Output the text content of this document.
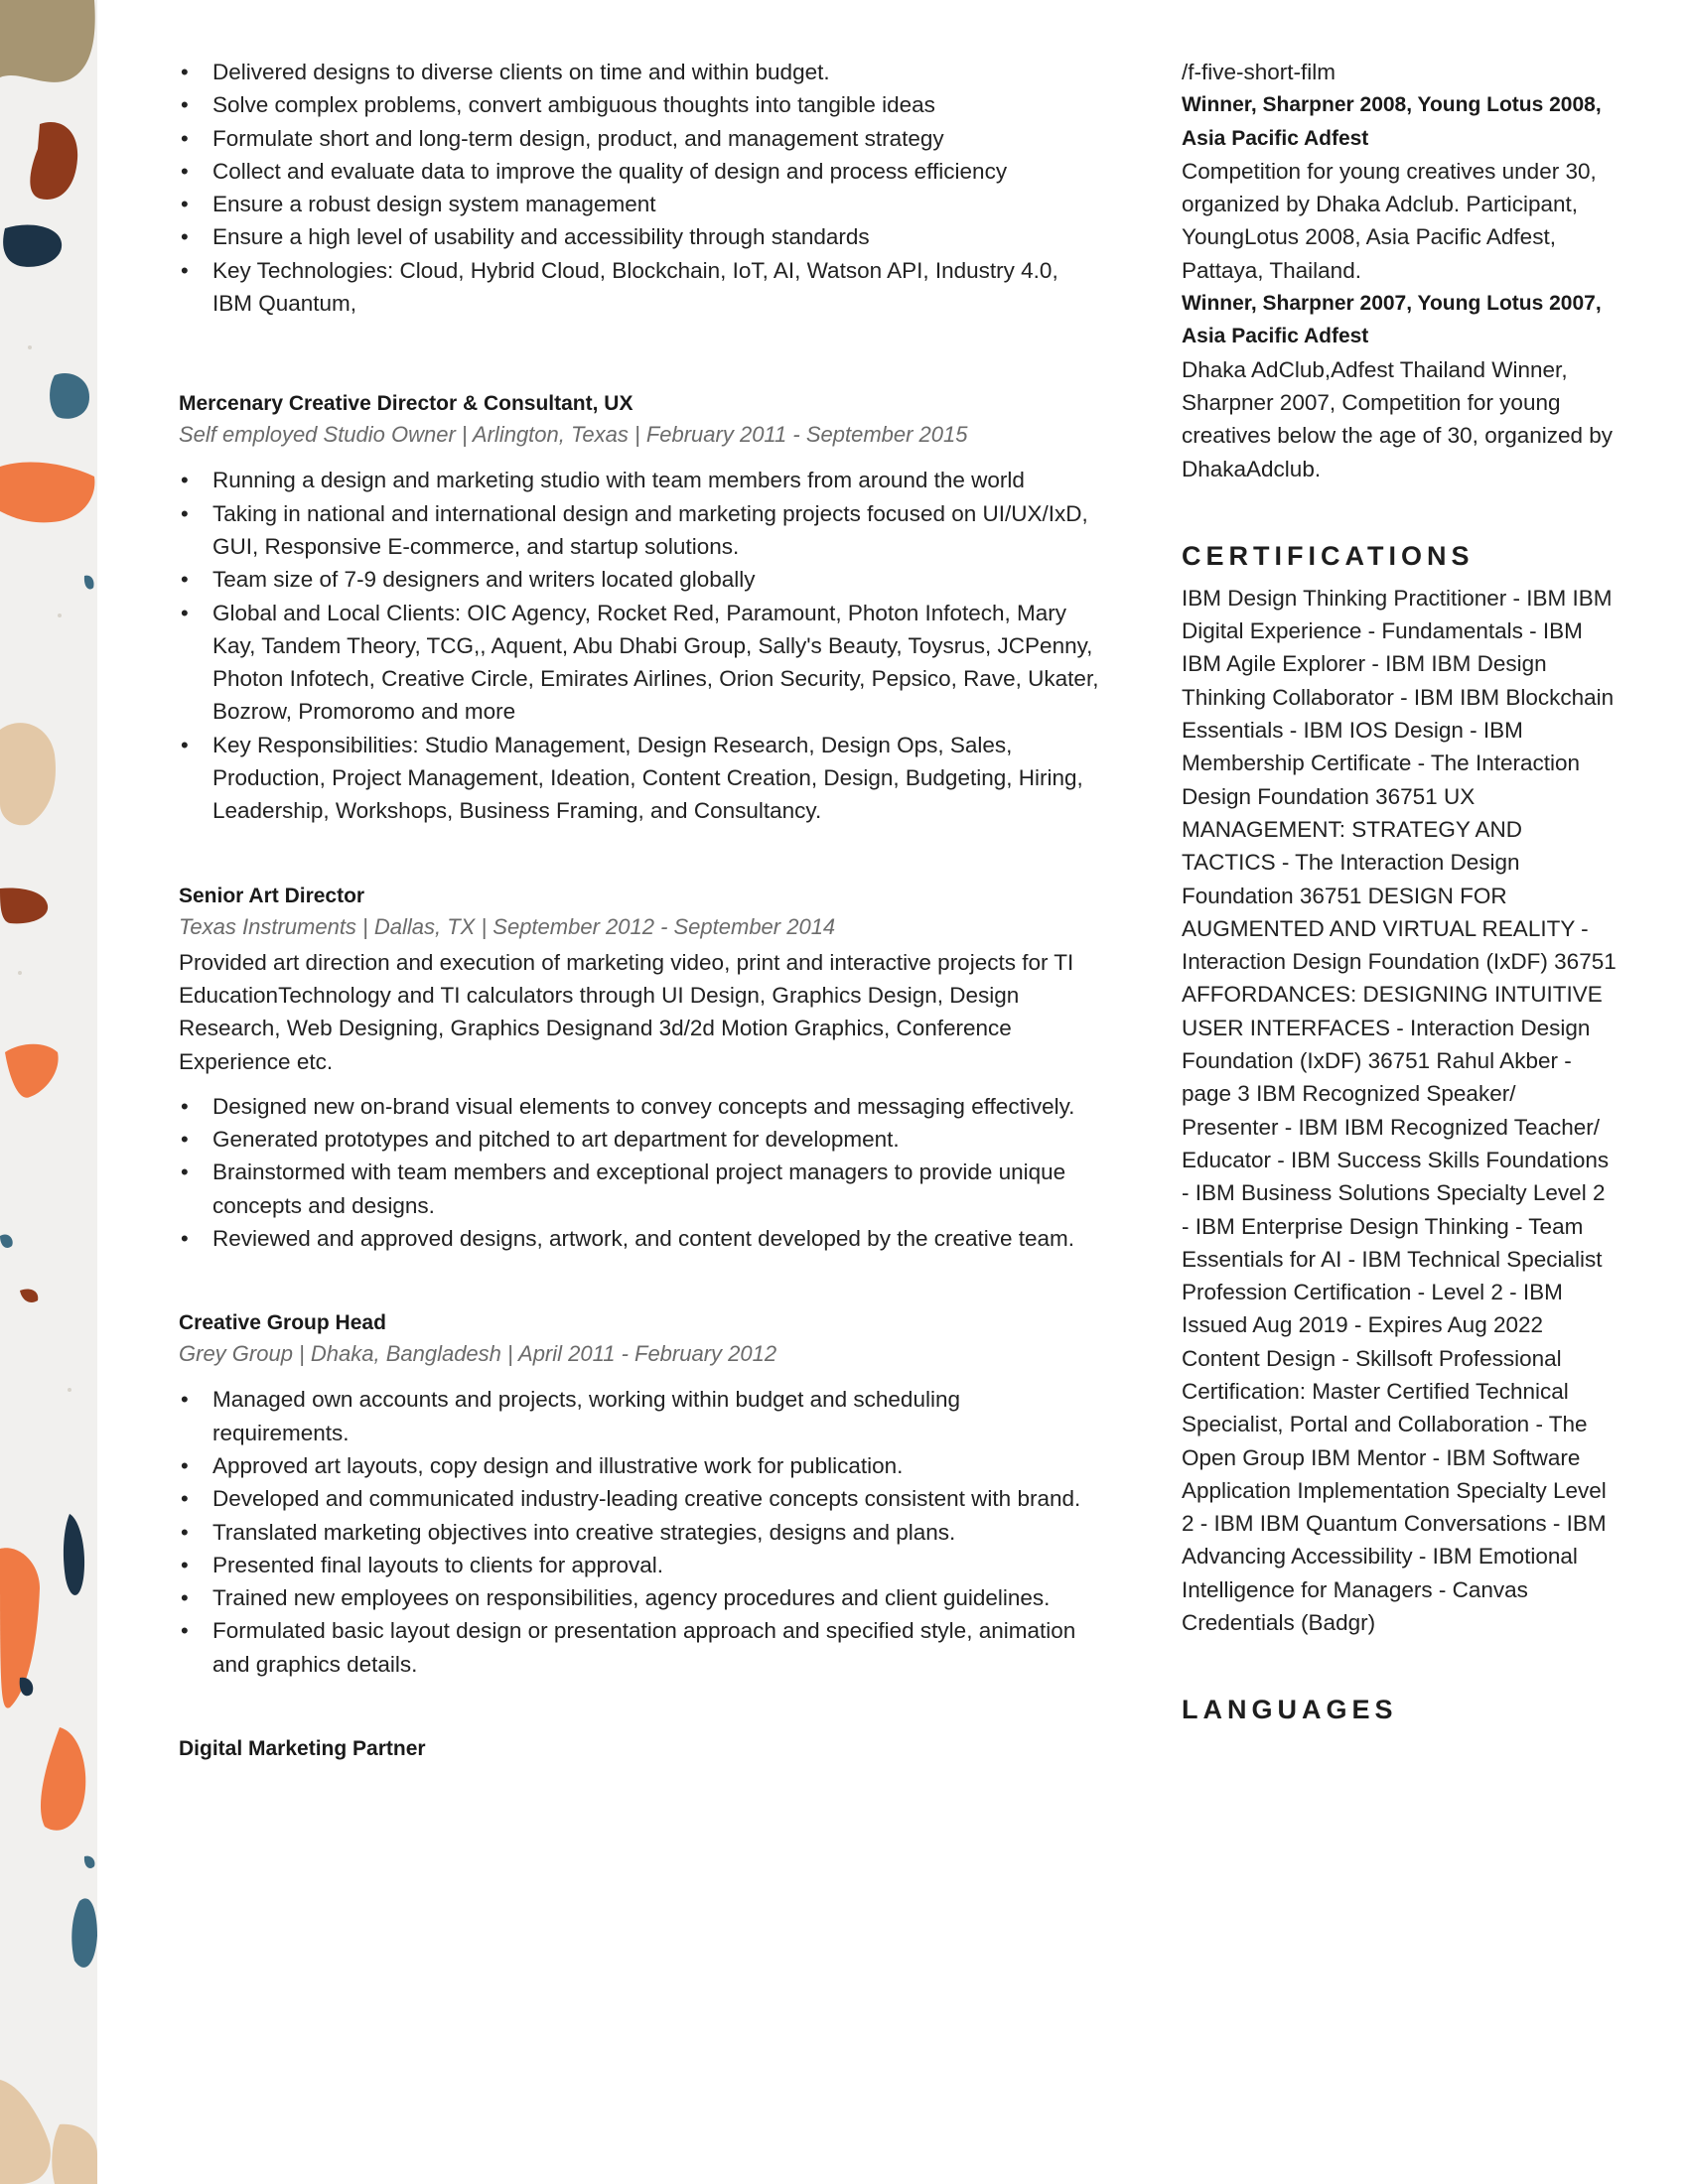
• Delivered designs to diverse clients on time and within budget.
• Solve complex problems, convert ambiguous thoughts into tangible ideas
• Formulate short and long-term design, product, and management strategy
• Collect and evaluate data to improve the quality of design and process efficiency
• Ensure a robust design system management
• Ensure a high level of usability and accessibility through standards
• Key Technologies: Cloud, Hybrid Cloud, Blockchain, IoT, AI, Watson API, Industry 4.0, IBM Quantum,
Mercenary Creative Director & Consultant, UX
Self employed Studio Owner | Arlington, Texas | February 2011 - September 2015
• Running a design and marketing studio with team members from around the world
• Taking in national and international design and marketing projects focused on UI/UX/IxD, GUI, Responsive E-commerce, and startup solutions.
• Team size of 7-9 designers and writers located globally
• Global and Local Clients: OIC Agency, Rocket Red, Paramount, Photon Infotech, Mary Kay, Tandem Theory, TCG,, Aquent, Abu Dhabi Group, Sally's Beauty, Toysrus, JCPenny, Photon Infotech, Creative Circle, Emirates Airlines, Orion Security, Pepsico, Rave, Ukater, Bozrow, Promoromo and more
• Key Responsibilities: Studio Management, Design Research, Design Ops, Sales, Production, Project Management, Ideation, Content Creation, Design, Budgeting, Hiring, Leadership, Workshops, Business Framing, and Consultancy.
Senior Art Director
Texas Instruments | Dallas, TX | September 2012 - September 2014
Provided art direction and execution of marketing video, print and interactive projects for TI EducationTechnology and TI calculators through UI Design, Graphics Design, Design Research, Web Designing, Graphics Designand 3d/2d Motion Graphics, Conference Experience etc.
• Designed new on-brand visual elements to convey concepts and messaging effectively.
• Generated prototypes and pitched to art department for development.
• Brainstormed with team members and exceptional project managers to provide unique concepts and designs.
• Reviewed and approved designs, artwork, and content developed by the creative team.
Creative Group Head
Grey Group | Dhaka, Bangladesh | April 2011 - February 2012
• Managed own accounts and projects, working within budget and scheduling requirements.
• Approved art layouts, copy design and illustrative work for publication.
• Developed and communicated industry-leading creative concepts consistent with brand.
• Translated marketing objectives into creative strategies, designs and plans.
• Presented final layouts to clients for approval.
• Trained new employees on responsibilities, agency procedures and client guidelines.
• Formulated basic layout design or presentation approach and specified style, animation and graphics details.
Digital Marketing Partner
/f-five-short-film
Winner, Sharpner 2008, Young Lotus 2008, Asia Pacific Adfest
Competition for young creatives under 30, organized by Dhaka Adclub. Participant, YoungLotus 2008, Asia Pacific Adfest, Pattaya, Thailand.
Winner, Sharpner 2007, Young Lotus 2007, Asia Pacific Adfest
Dhaka AdClub,Adfest Thailand Winner, Sharpner 2007, Competition for young creatives below the age of 30, organized by DhakaAdclub.
CERTIFICATIONS
IBM Design Thinking Practitioner - IBM IBM Digital Experience - Fundamentals - IBM IBM Agile Explorer - IBM IBM Design Thinking Collaborator - IBM IBM Blockchain Essentials - IBM IOS Design - IBM Membership Certificate - The Interaction Design Foundation 36751 UX MANAGEMENT: STRATEGY AND TACTICS - The Interaction Design Foundation 36751 DESIGN FOR AUGMENTED AND VIRTUAL REALITY - Interaction Design Foundation (IxDF) 36751 AFFORDANCES: DESIGNING INTUITIVE USER INTERFACES - Interaction Design Foundation (IxDF) 36751 Rahul Akber - page 3 IBM Recognized Speaker/ Presenter - IBM IBM Recognized Teacher/ Educator - IBM Success Skills Foundations - IBM Business Solutions Specialty Level 2 - IBM Enterprise Design Thinking - Team Essentials for AI - IBM Technical Specialist Profession Certification - Level 2 - IBM Issued Aug 2019 - Expires Aug 2022 Content Design - Skillsoft Professional Certification: Master Certified Technical Specialist, Portal and Collaboration - The Open Group IBM Mentor - IBM Software Application Implementation Specialty Level 2 - IBM IBM Quantum Conversations - IBM Advancing Accessibility - IBM Emotional Intelligence for Managers - Canvas Credentials (Badgr)
LANGUAGES
